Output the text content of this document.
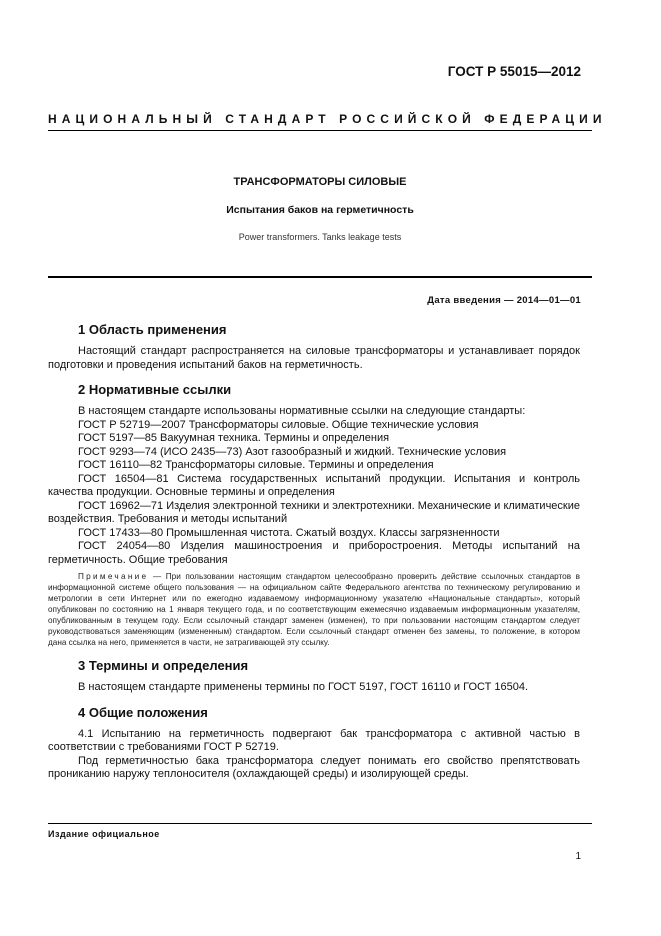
ГОСТ Р 55015—2012
НАЦИОНАЛЬНЫЙ СТАНДАРТ РОССИЙСКОЙ ФЕДЕРАЦИИ
ТРАНСФОРМАТОРЫ СИЛОВЫЕ
Испытания баков на герметичность
Power transformers. Tanks leakage tests
Дата введения — 2014—01—01
1 Область применения

Настоящий стандарт распространяется на силовые трансформаторы и устанавливает порядок подготовки и проведения испытаний баков на герметичность.

2 Нормативные ссылки

В настоящем стандарте использованы нормативные ссылки на следующие стандарты:

ГОСТ Р 52719—2007 Трансформаторы силовые. Общие технические условия

ГОСТ 5197—85 Вакуумная техника. Термины и определения

ГОСТ 9293—74 (ИСО 2435—73) Азот газообразный и жидкий. Технические условия

ГОСТ 16110—82 Трансформаторы силовые. Термины и определения

ГОСТ 16504—81 Система государственных испытаний продукции. Испытания и контроль качества продукции. Основные термины и определения

ГОСТ 16962—71 Изделия электронной техники и электротехники. Механические и климатические воздействия. Требования и методы испытаний

ГОСТ 17433—80 Промышленная чистота. Сжатый воздух. Классы загрязненности

ГОСТ 24054—80 Изделия машиностроения и приборостроения. Методы испытаний на герметичность. Общие требования

Примечание — При пользовании настоящим стандартом целесообразно проверить действие ссылочных стандартов в информационной системе общего пользования — на официальном сайте Федерального агентства по техническому регулированию и метрологии в сети Интернет или по ежегодно издаваемому информационному указателю «Национальные стандарты», который опубликован по состоянию на 1 января текущего года, и по соответствующим ежемесячно издаваемым информационным указателям, опубликованным в текущем году. Если ссылочный стандарт заменен (изменен), то при пользовании настоящим стандартом следует руководствоваться заменяющим (измененным) стандартом. Если ссылочный стандарт отменен без замены, то положение, в котором дана ссылка на него, применяется в части, не затрагивающей эту ссылку.
3 Термины и определения

В настоящем стандарте применены термины по ГОСТ 5197, ГОСТ 16110 и ГОСТ 16504.

4 Общие положения

4.1 Испытанию на герметичность подвергают бак трансформатора с активной частью в соответствии с требованиями ГОСТ Р 52719.

Под герметичностью бака трансформатора следует понимать его свойство препятствовать прониканию наружу теплоносителя (охлаждающей среды) и изолирующей среды.

Издание официальное
1
